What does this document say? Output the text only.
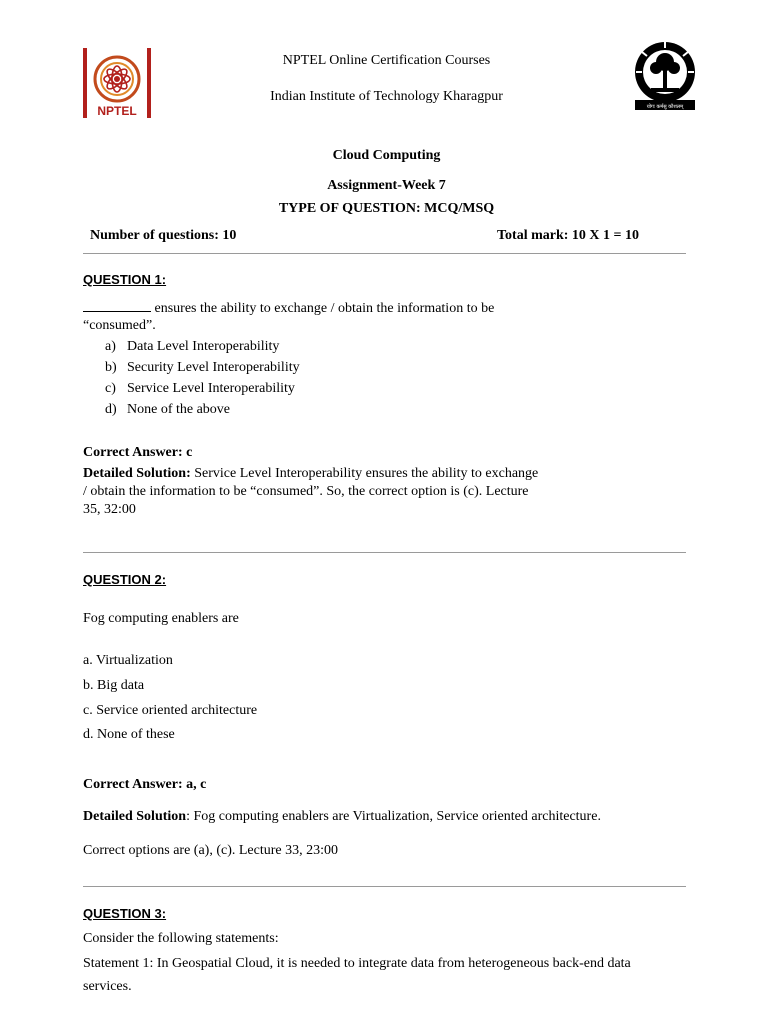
NPTEL	योगः कर्मसु कौशलम्
NPTEL Online Certification Courses
Indian Institute of Technology Kharagpur
Cloud Computing
Assignment-Week 7
TYPE OF QUESTION: MCQ/MSQ
Number of questions: 10	Total mark: 10 X 1 = 10
QUESTION 1:
ensures the ability to exchange / obtain the information to be
“consumed”.
a) Data Level Interoperability
b) Security Level Interoperability
c) Service Level Interoperability
d) None of the above
Correct Answer: c
Detailed Solution: Service Level Interoperability ensures the ability to exchange
/ obtain the information to be “consumed”. So, the correct option is (c). Lecture
35, 32:00
QUESTION 2:
Fog computing enablers are
a. Virtualization
b. Big data
c. Service oriented architecture
d. None of these
Correct Answer: a, c
Detailed Solution: Fog computing enablers are Virtualization, Service oriented architecture.
Correct options are (a), (c). Lecture 33, 23:00
QUESTION 3:
Consider the following statements:
Statement 1: In Geospatial Cloud, it is needed to integrate data from heterogeneous back-end data
services.
